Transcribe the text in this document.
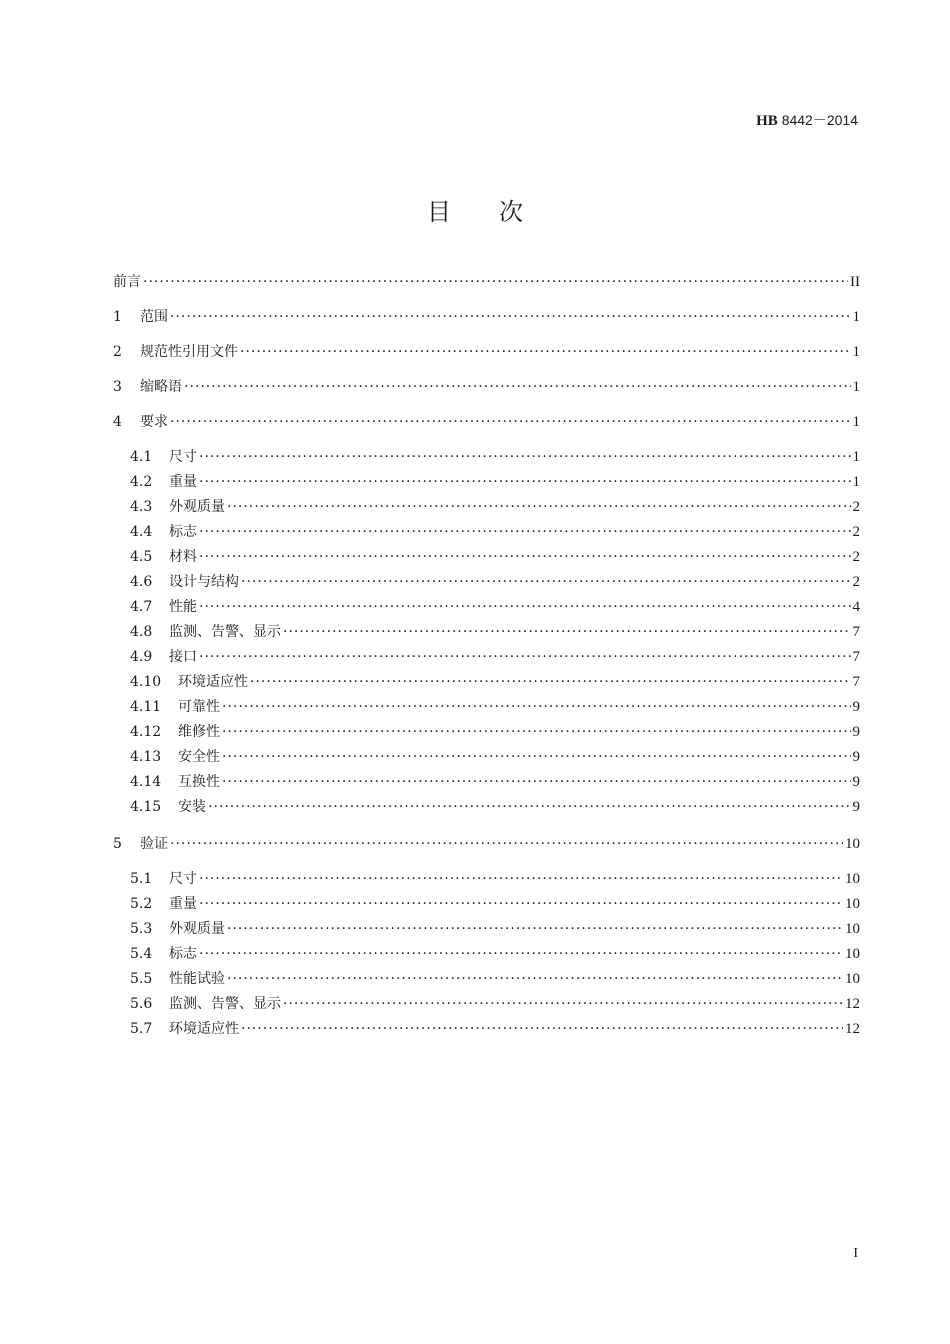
HB 8442－2014
目次
前言 ·····	II
1	范围 ·····	1
2	规范性引用文件 ·····	1
3	缩略语 ·····	1
4	要求 ·····	1
4.1	尺寸 ·····	1
4.2	重量 ·····	1
4.3	外观质量 ·····	2
4.4	标志 ·····	2
4.5	材料 ·····	2
4.6	设计与结构 ·····	2
4.7	性能 ·····	4
4.8	监测、告警、显示 ·····	7
4.9	接口 ·····	7
4.10	环境适应性 ·····	7
4.11	可靠性 ·····	9
4.12	维修性 ·····	9
4.13	安全性 ·····	9
4.14	互换性 ·····	9
4.15	安装 ·····	9
5	验证 ·····	10
5.1	尺寸 ·····	10
5.2	重量 ·····	10
5.3	外观质量 ·····	10
5.4	标志 ·····	10
5.5	性能试验 ·····	10
5.6	监测、告警、显示 ·····	12
5.7	环境适应性 ·····	12
I
